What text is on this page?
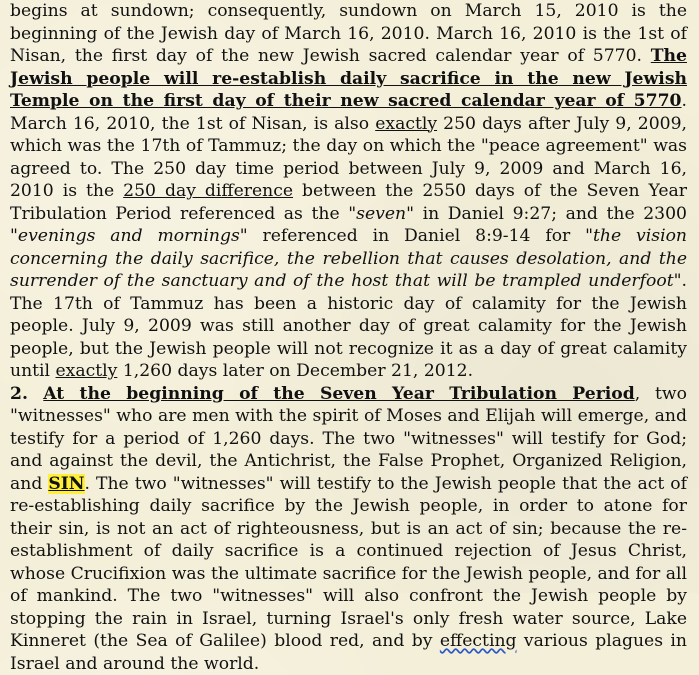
begins at sundown; consequently, sundown on March 15, 2010 is the beginning of the Jewish day of March 16, 2010. March 16, 2010 is the 1st of Nisan, the first day of the new Jewish sacred calendar year of 5770. The Jewish people will re-establish daily sacrifice in the new Jewish Temple on the first day of their new sacred calendar year of 5770. March 16, 2010, the 1st of Nisan, is also exactly 250 days after July 9, 2009, which was the 17th of Tammuz; the day on which the "peace agreement" was agreed to. The 250 day time period between July 9, 2009 and March 16, 2010 is the 250 day difference between the 2550 days of the Seven Year Tribulation Period referenced as the "seven" in Daniel 9:27; and the 2300 "evenings and mornings" referenced in Daniel 8:9-14 for "the vision concerning the daily sacrifice, the rebellion that causes desolation, and the surrender of the sanctuary and of the host that will be trampled underfoot". The 17th of Tammuz has been a historic day of calamity for the Jewish people. July 9, 2009 was still another day of great calamity for the Jewish people, but the Jewish people will not recognize it as a day of great calamity until exactly 1,260 days later on December 21, 2012.

2. At the beginning of the Seven Year Tribulation Period, two "witnesses" who are men with the spirit of Moses and Elijah will emerge, and testify for a period of 1,260 days. The two "witnesses" will testify for God; and against the devil, the Antichrist, the False Prophet, Organized Religion, and SIN. The two "witnesses" will testify to the Jewish people that the act of re-establishing daily sacrifice by the Jewish people, in order to atone for their sin, is not an act of righteousness, but is an act of sin; because the re-establishment of daily sacrifice is a continued rejection of Jesus Christ, whose Crucifixion was the ultimate sacrifice for the Jewish people, and for all of mankind. The two "witnesses" will also confront the Jewish people by stopping the rain in Israel, turning Israel's only fresh water source, Lake Kinneret (the Sea of Galilee) blood red, and by effecting various plagues in Israel and around the world.
